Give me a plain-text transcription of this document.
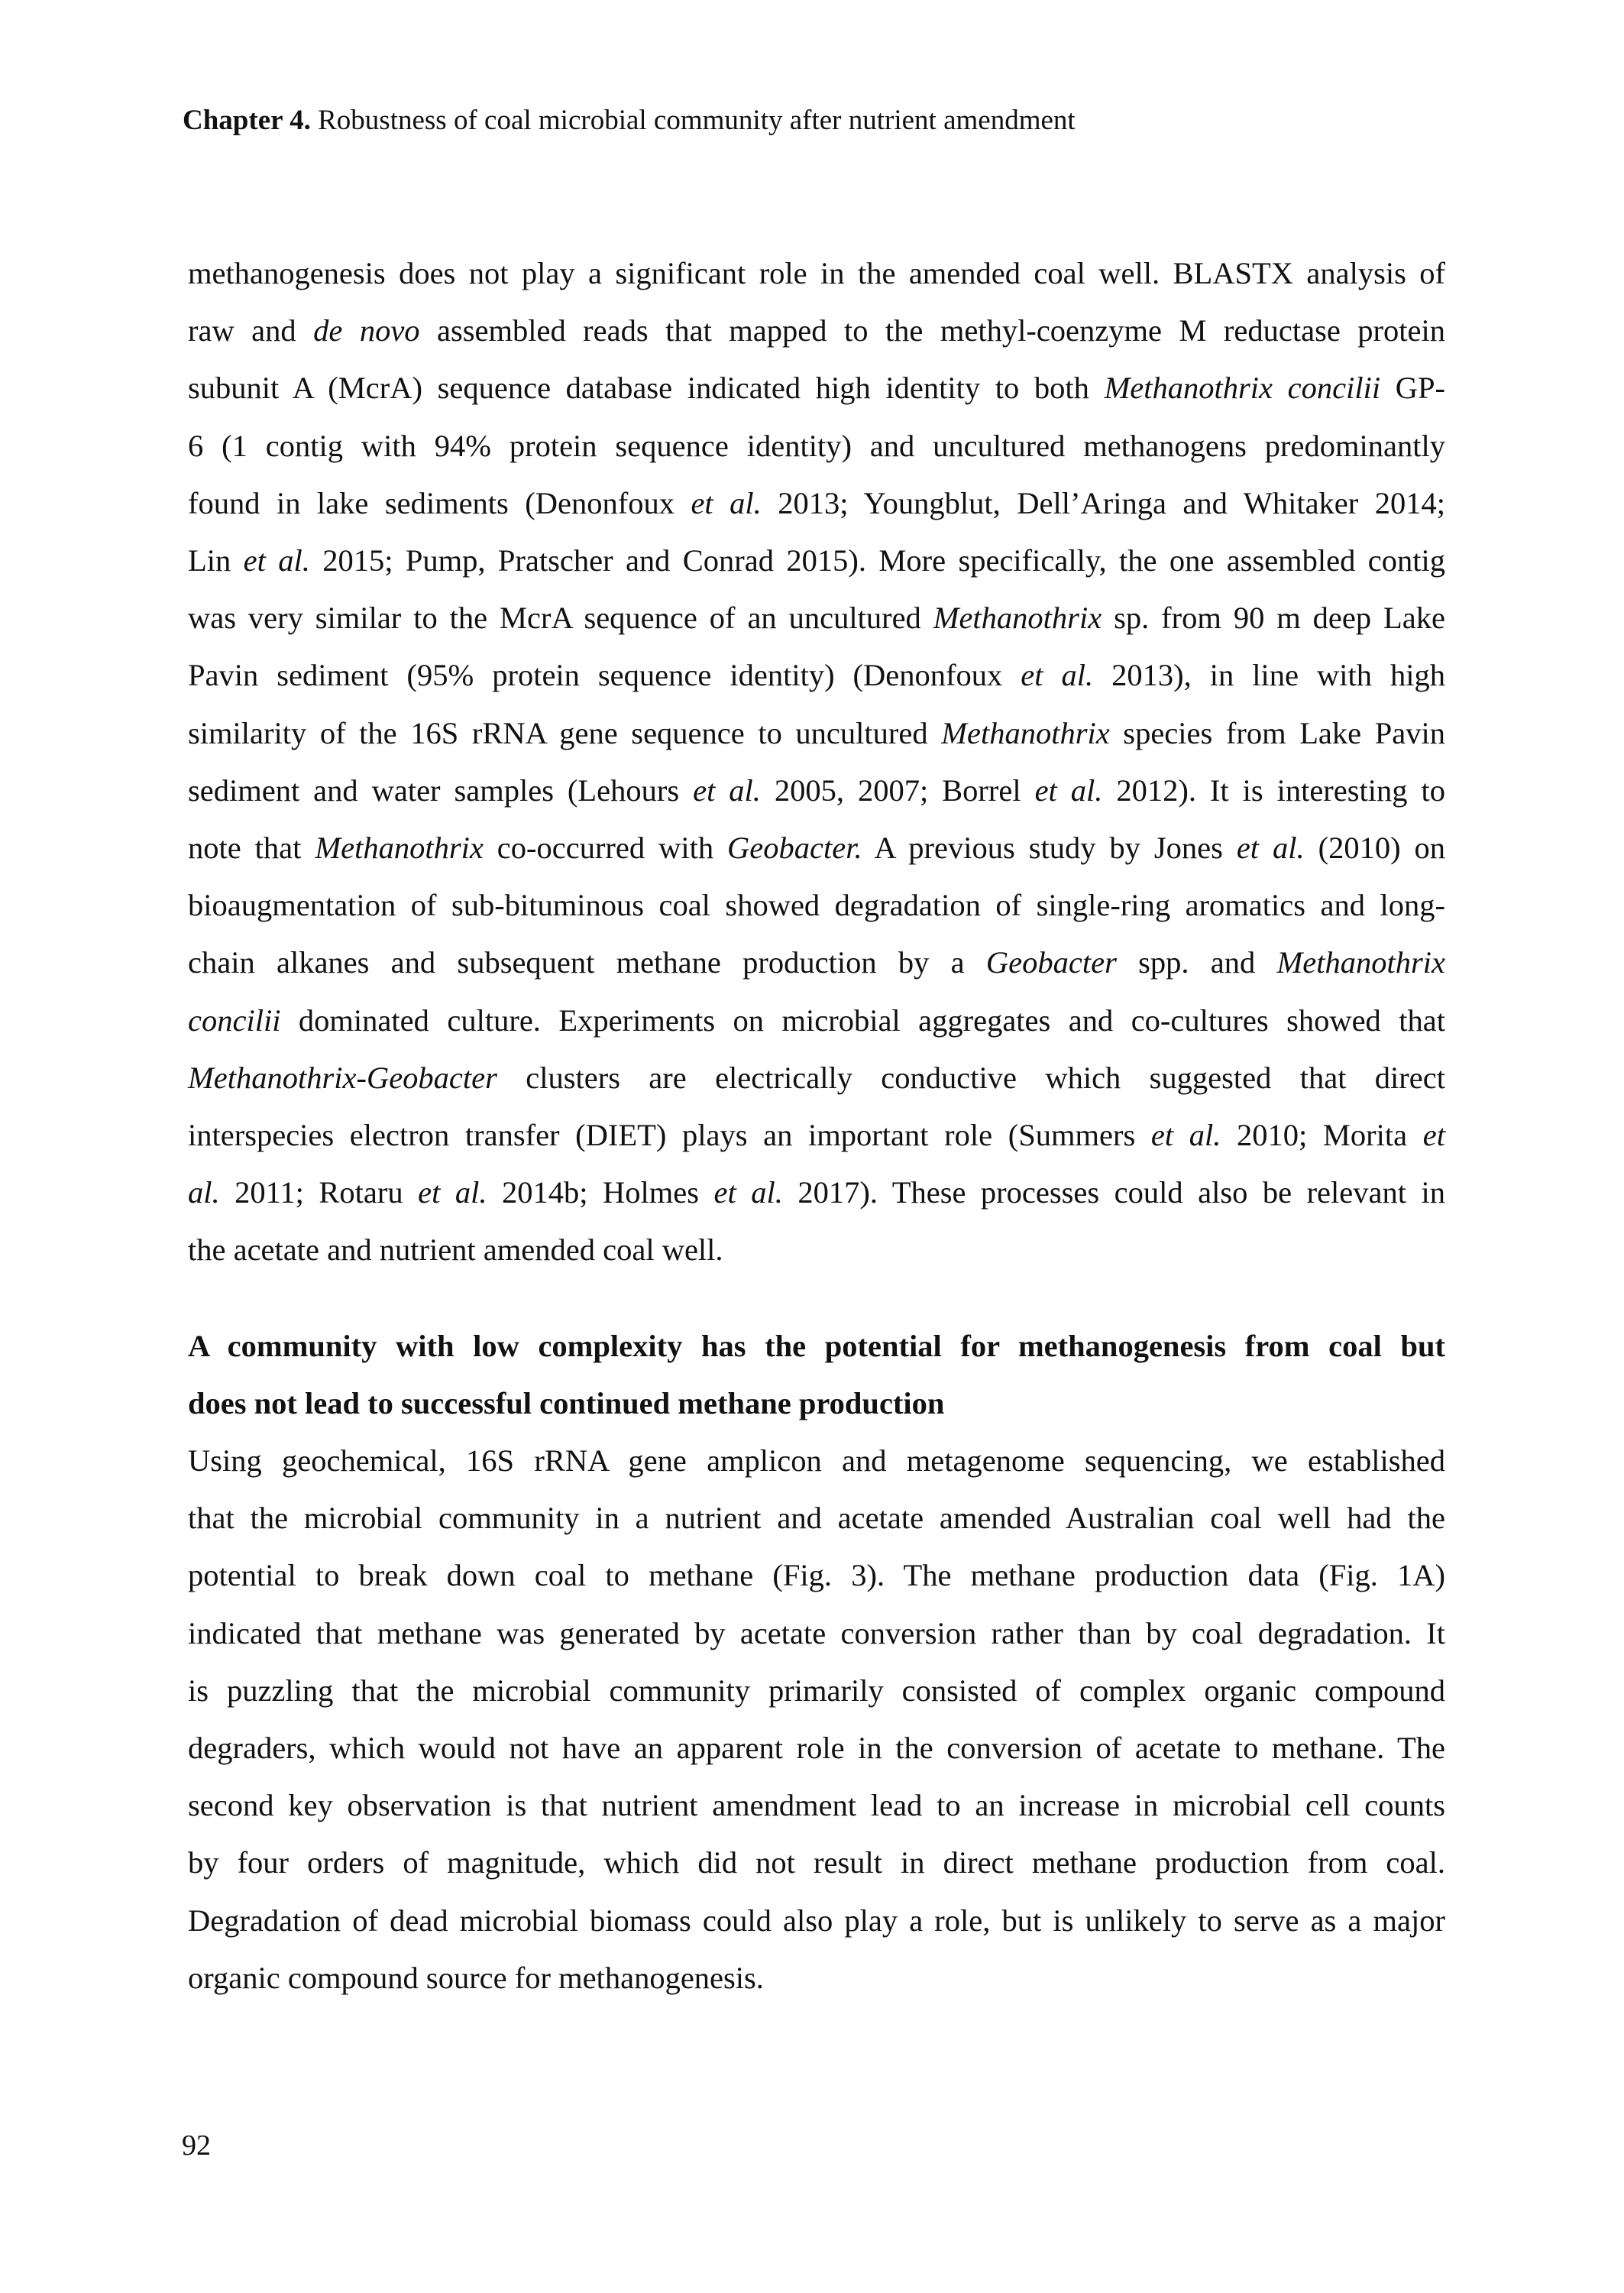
Chapter 4. Robustness of coal microbial community after nutrient amendment

methanogenesis does not play a significant role in the amended coal well. BLASTX analysis of
raw and de novo assembled reads that mapped to the methyl-coenzyme M reductase protein
subunit A (McrA) sequence database indicated high identity to both Methanothrix concilii GP-
6 (1 contig with 94% protein sequence identity) and uncultured methanogens predominantly
found in lake sediments (Denonfoux et al. 2013; Youngblut, Dell’Aringa and Whitaker 2014;
Lin et al. 2015; Pump, Pratscher and Conrad 2015). More specifically, the one assembled contig
was very similar to the McrA sequence of an uncultured Methanothrix sp. from 90 m deep Lake
Pavin sediment (95% protein sequence identity) (Denonfoux et al. 2013), in line with high
similarity of the 16S rRNA gene sequence to uncultured Methanothrix species from Lake Pavin
sediment and water samples (Lehours et al. 2005, 2007; Borrel et al. 2012). It is interesting to
note that Methanothrix co-occurred with Geobacter. A previous study by Jones et al. (2010) on
bioaugmentation of sub-bituminous coal showed degradation of single-ring aromatics and long-
chain alkanes and subsequent methane production by a Geobacter spp. and Methanothrix
concilii dominated culture. Experiments on microbial aggregates and co-cultures showed that
Methanothrix-Geobacter clusters are electrically conductive which suggested that direct
interspecies electron transfer (DIET) plays an important role (Summers et al. 2010; Morita et
al. 2011; Rotaru et al. 2014b; Holmes et al. 2017). These processes could also be relevant in
the acetate and nutrient amended coal well.

A community with low complexity has the potential for methanogenesis from coal but
does not lead to successful continued methane production

Using geochemical, 16S rRNA gene amplicon and metagenome sequencing, we established
that the microbial community in a nutrient and acetate amended Australian coal well had the
potential to break down coal to methane (Fig. 3). The methane production data (Fig. 1A)
indicated that methane was generated by acetate conversion rather than by coal degradation. It
is puzzling that the microbial community primarily consisted of complex organic compound
degraders, which would not have an apparent role in the conversion of acetate to methane. The
second key observation is that nutrient amendment lead to an increase in microbial cell counts
by four orders of magnitude, which did not result in direct methane production from coal.
Degradation of dead microbial biomass could also play a role, but is unlikely to serve as a major
organic compound source for methanogenesis.

92
